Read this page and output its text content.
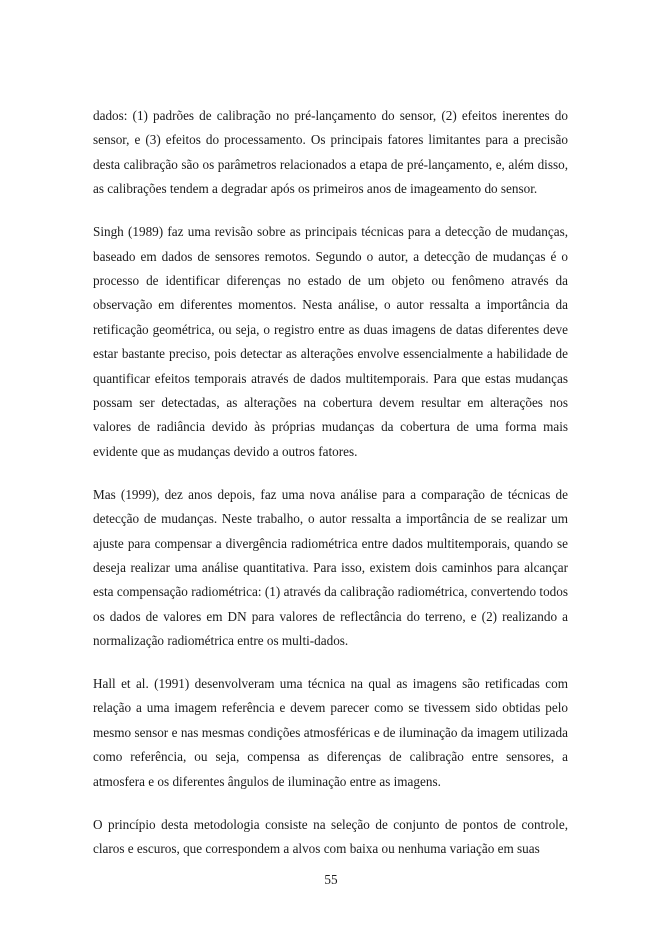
dados: (1) padrões de calibração no pré-lançamento do sensor, (2) efeitos inerentes do sensor, e (3) efeitos do processamento. Os principais fatores limitantes para a precisão desta calibração são os parâmetros relacionados a etapa de pré-lançamento, e, além disso, as calibrações tendem a degradar após os primeiros anos de imageamento do sensor.

Singh (1989) faz uma revisão sobre as principais técnicas para a detecção de mudanças, baseado em dados de sensores remotos. Segundo o autor, a detecção de mudanças é o processo de identificar diferenças no estado de um objeto ou fenômeno através da observação em diferentes momentos. Nesta análise, o autor ressalta a importância da retificação geométrica, ou seja, o registro entre as duas imagens de datas diferentes deve estar bastante preciso, pois detectar as alterações envolve essencialmente a habilidade de quantificar efeitos temporais através de dados multitemporais. Para que estas mudanças possam ser detectadas, as alterações na cobertura devem resultar em alterações nos valores de radiância devido às próprias mudanças da cobertura de uma forma mais evidente que as mudanças devido a outros fatores.

Mas (1999), dez anos depois, faz uma nova análise para a comparação de técnicas de detecção de mudanças. Neste trabalho, o autor ressalta a importância de se realizar um ajuste para compensar a divergência radiométrica entre dados multitemporais, quando se deseja realizar uma análise quantitativa. Para isso, existem dois caminhos para alcançar esta compensação radiométrica: (1) através da calibração radiométrica, convertendo todos os dados de valores em DN para valores de reflectância do terreno, e (2) realizando a normalização radiométrica entre os multi-dados.

Hall et al. (1991) desenvolveram uma técnica na qual as imagens são retificadas com relação a uma imagem referência e devem parecer como se tivessem sido obtidas pelo mesmo sensor e nas mesmas condições atmosféricas e de iluminação da imagem utilizada como referência, ou seja, compensa as diferenças de calibração entre sensores, a atmosfera e os diferentes ângulos de iluminação entre as imagens.

O princípio desta metodologia consiste na seleção de conjunto de pontos de controle, claros e escuros, que correspondem a alvos com baixa ou nenhuma variação em suas

55
